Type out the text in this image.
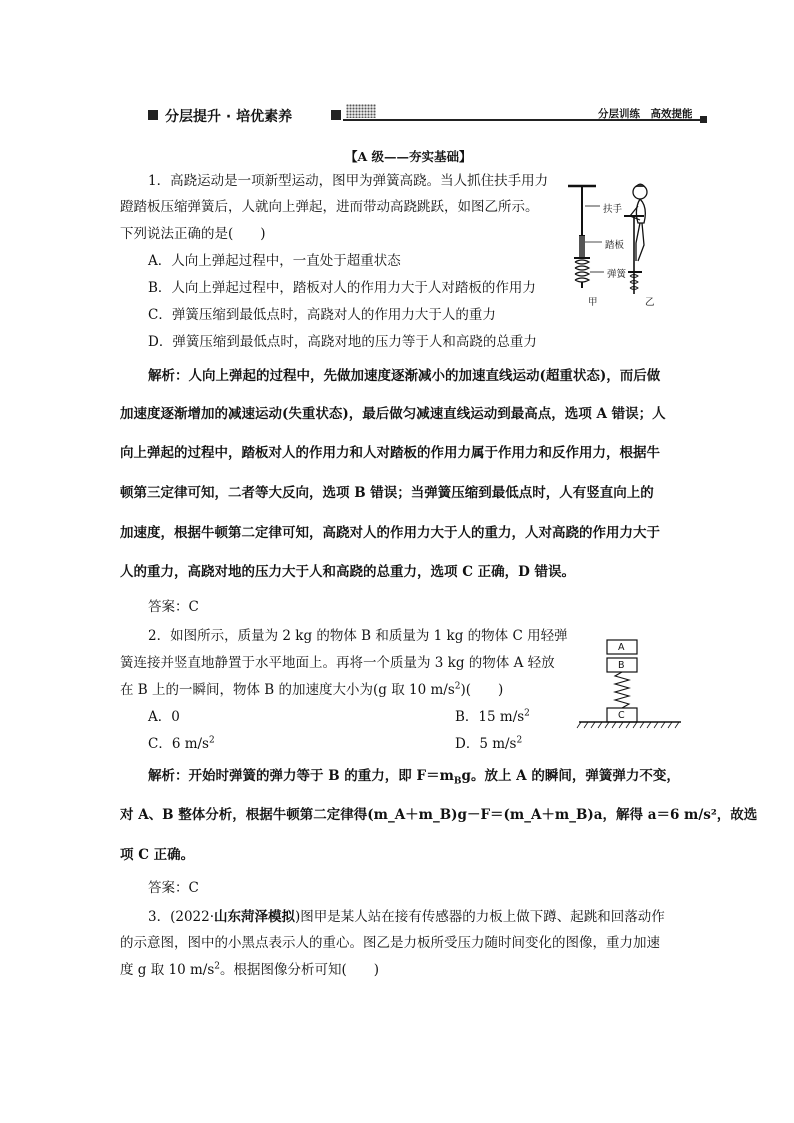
分层提升 · 培优素养	分层训练　高效提能
【A 级——夯实基础】
1．高跷运动是一项新型运动，图甲为弹簧高跷。当人抓住扶手用力
蹬踏板压缩弹簧后，人就向上弹起，进而带动高跷跳跃，如图乙所示。
下列说法正确的是(　　)
A．人向上弹起过程中，一直处于超重状态
B．人向上弹起过程中，踏板对人的作用力大于人对踏板的作用力
C．弹簧压缩到最低点时，高跷对人的作用力大于人的重力
D．弹簧压缩到最低点时，高跷对地的压力等于人和高跷的总重力
扶手
踏板
弹簧
甲	乙
解析：人向上弹起的过程中，先做加速度逐渐减小的加速直线运动(超重状态)，而后做
加速度逐渐增加的减速运动(失重状态)，最后做匀减速直线运动到最高点，选项 A 错误；人
向上弹起的过程中，踏板对人的作用力和人对踏板的作用力属于作用力和反作用力，根据牛
顿第三定律可知，二者等大反向，选项 B 错误；当弹簧压缩到最低点时，人有竖直向上的
加速度，根据牛顿第二定律可知，高跷对人的作用力大于人的重力，人对高跷的作用力大于
人的重力，高跷对地的压力大于人和高跷的总重力，选项 C 正确，D 错误。
答案：C
2．如图所示，质量为 2 kg 的物体 B 和质量为 1 kg 的物体 C 用轻弹
簧连接并竖直地静置于水平地面上。再将一个质量为 3 kg 的物体 A 轻放
在 B 上的一瞬间，物体 B 的加速度大小为(g 取 10 $m/s^2$)(　　)
A．0	B．15 $m/s^2$
C．6 $m/s^2$	D．5 $m/s^2$
A
B
C
解析：开始时弹簧的弹力等于 B 的重力，即 $F=m_Bg$。放上 A 的瞬间，弹簧弹力不变，
对 A、B 整体分析，根据牛顿第二定律得(m_A＋m_B)g－F＝(m_A＋m_B)a，解得 a＝6 m/s²，故选
项 C 正确。
答案：C
3．(2022·山东菏泽模拟)图甲是某人站在接有传感器的力板上做下蹲、起跳和回落动作
的示意图，图中的小黑点表示人的重心。图乙是力板所受压力随时间变化的图像，重力加速
度 g 取 10 $m/s^2$。根据图像分析可知(　　)
